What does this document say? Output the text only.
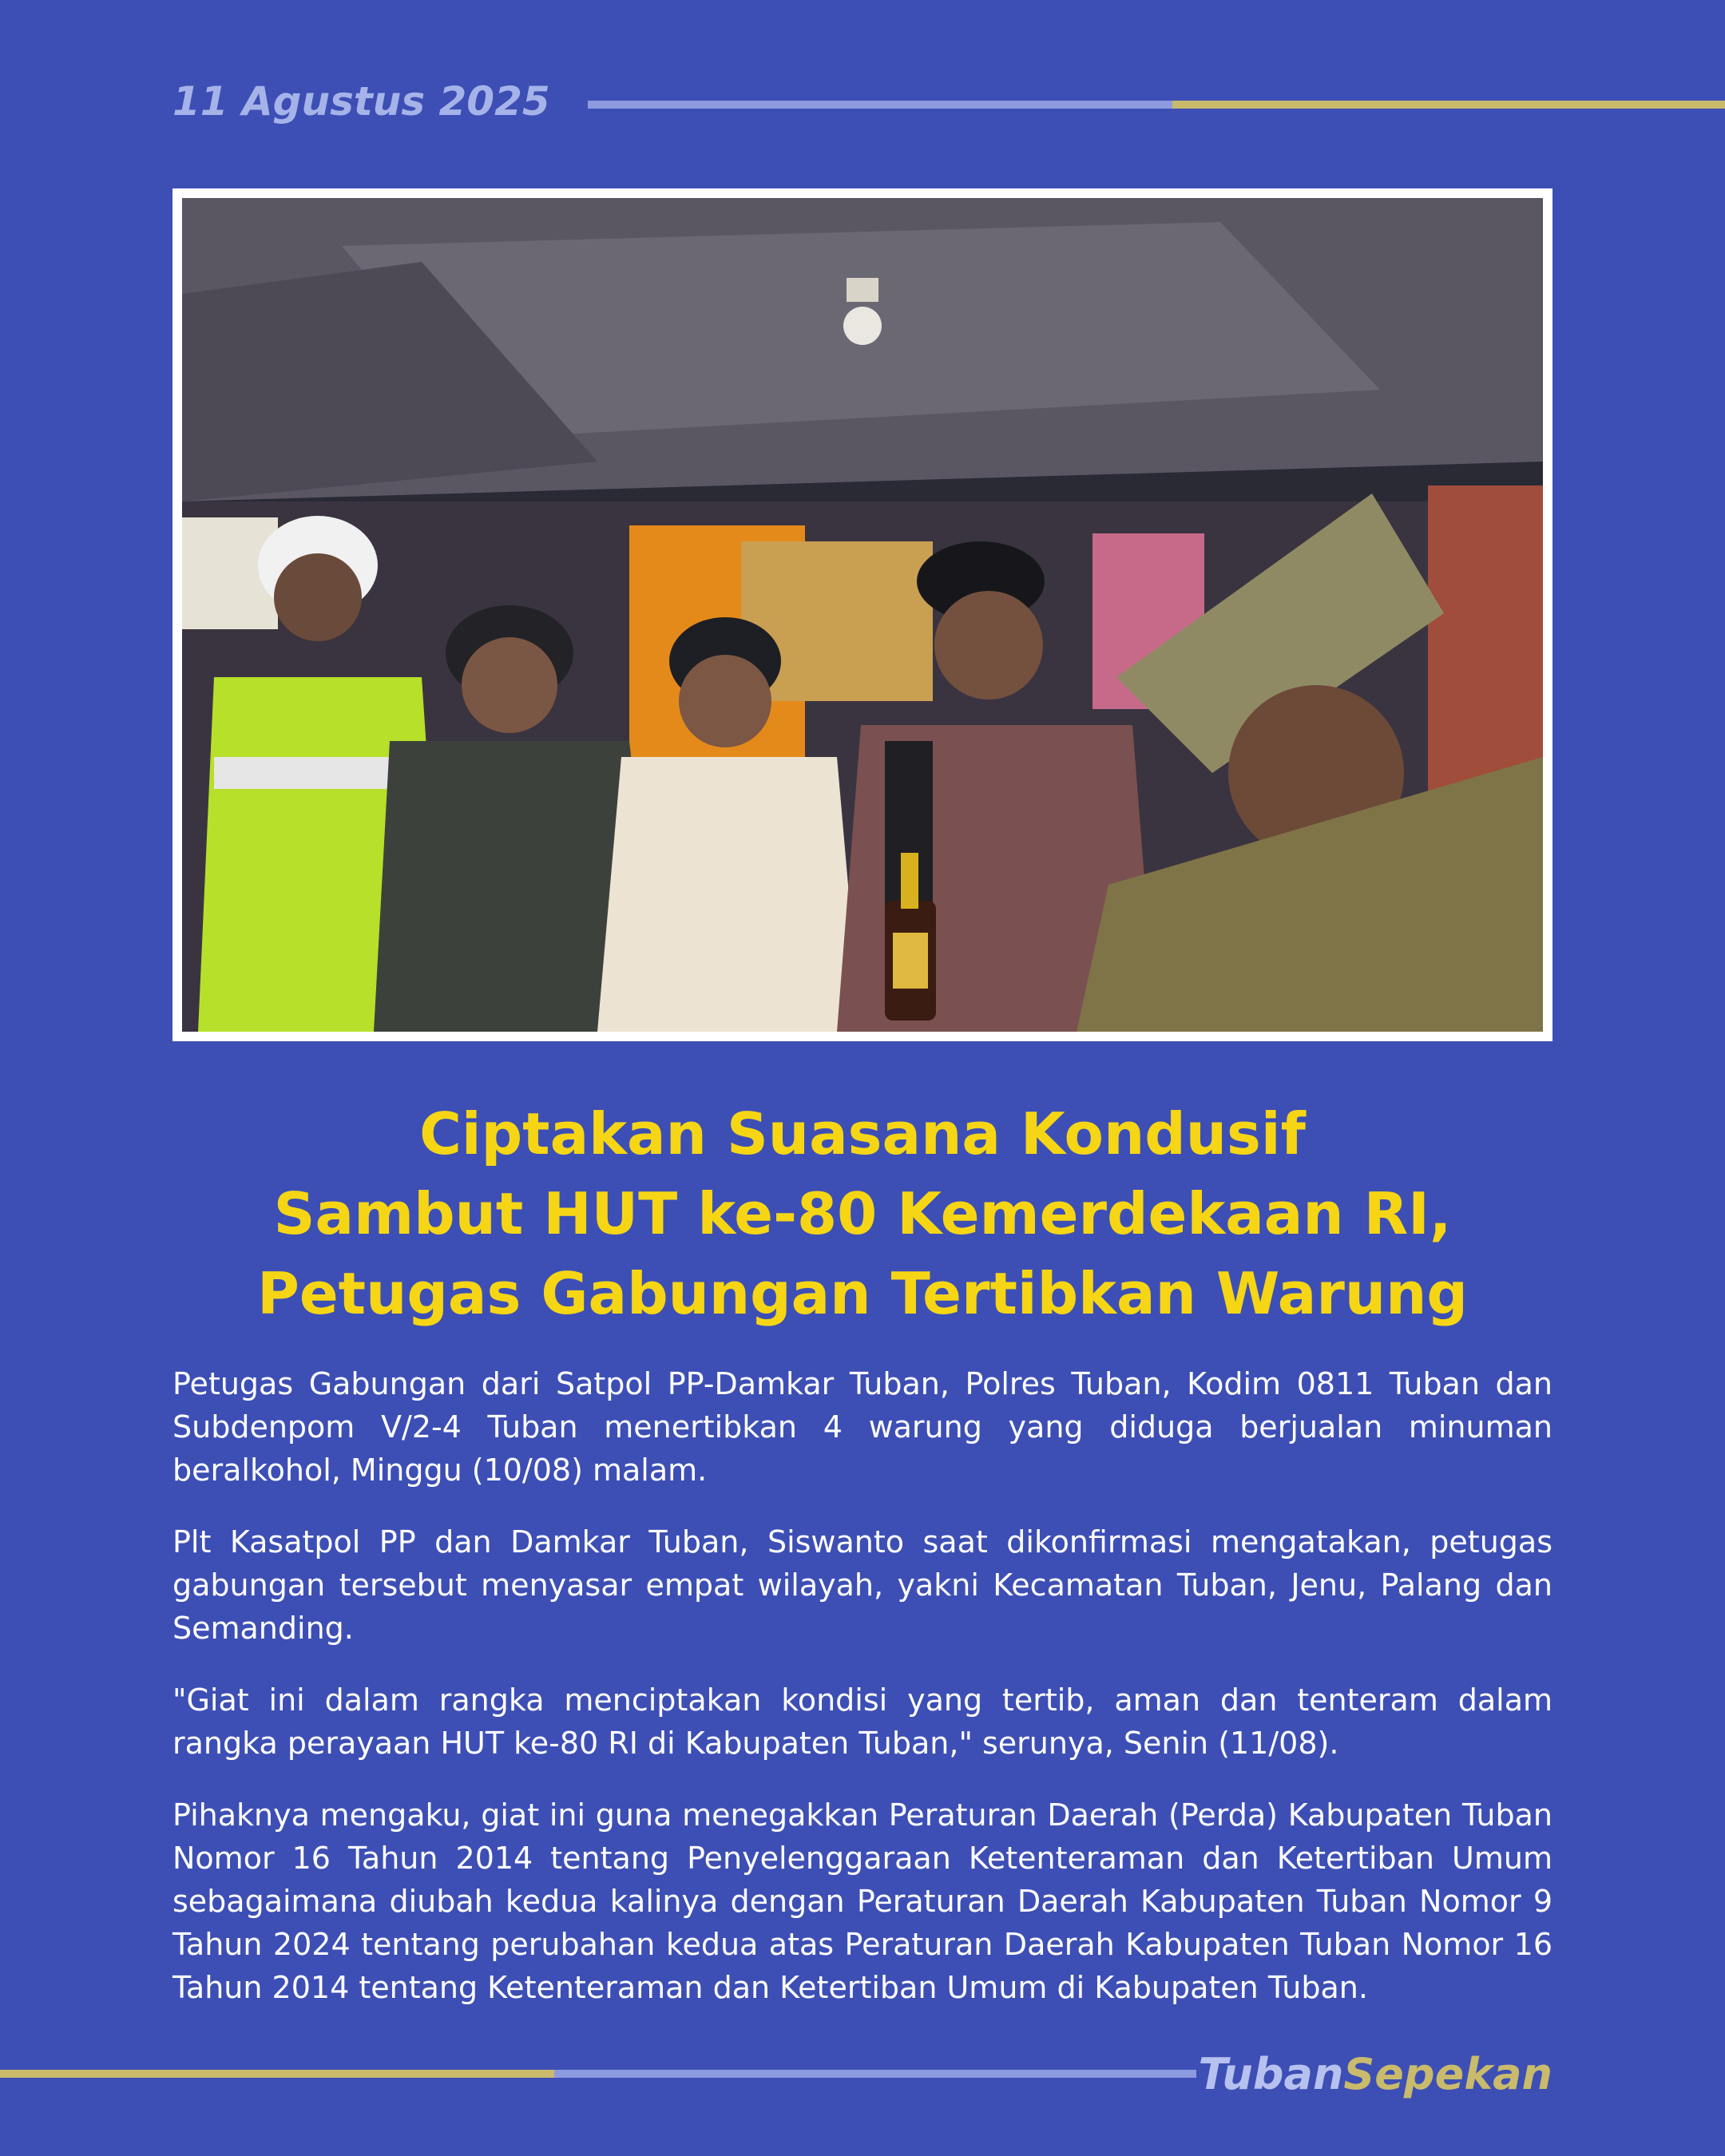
11 Agustus 2025
Ciptakan Suasana Kondusif
Sambut HUT ke-80 Kemerdekaan RI,
Petugas Gabungan Tertibkan Warung

Petugas Gabungan dari Satpol PP-Damkar Tuban, Polres Tuban, Kodim 0811 Tuban dan Subdenpom V/2-4 Tuban menertibkan 4 warung yang diduga berjualan minuman beralkohol, Minggu (10/08) malam.

Plt Kasatpol PP dan Damkar Tuban, Siswanto saat dikonfirmasi mengatakan, petugas gabungan tersebut menyasar empat wilayah, yakni Kecamatan Tuban, Jenu, Palang dan Semanding.

"Giat ini dalam rangka menciptakan kondisi yang tertib, aman dan tenteram dalam rangka perayaan HUT ke-80 RI di Kabupaten Tuban," serunya, Senin (11/08).

Pihaknya mengaku, giat ini guna menegakkan Peraturan Daerah (Perda) Kabupaten Tuban Nomor 16 Tahun 2014 tentang Penyelenggaraan Ketenteraman dan Ketertiban Umum sebagaimana diubah kedua kalinya dengan Peraturan Daerah Kabupaten Tuban Nomor 9 Tahun 2024 tentang perubahan kedua atas Peraturan Daerah Kabupaten Tuban Nomor 16 Tahun 2014 tentang Ketenteraman dan Ketertiban Umum di Kabupaten Tuban.

TubanSepekan
